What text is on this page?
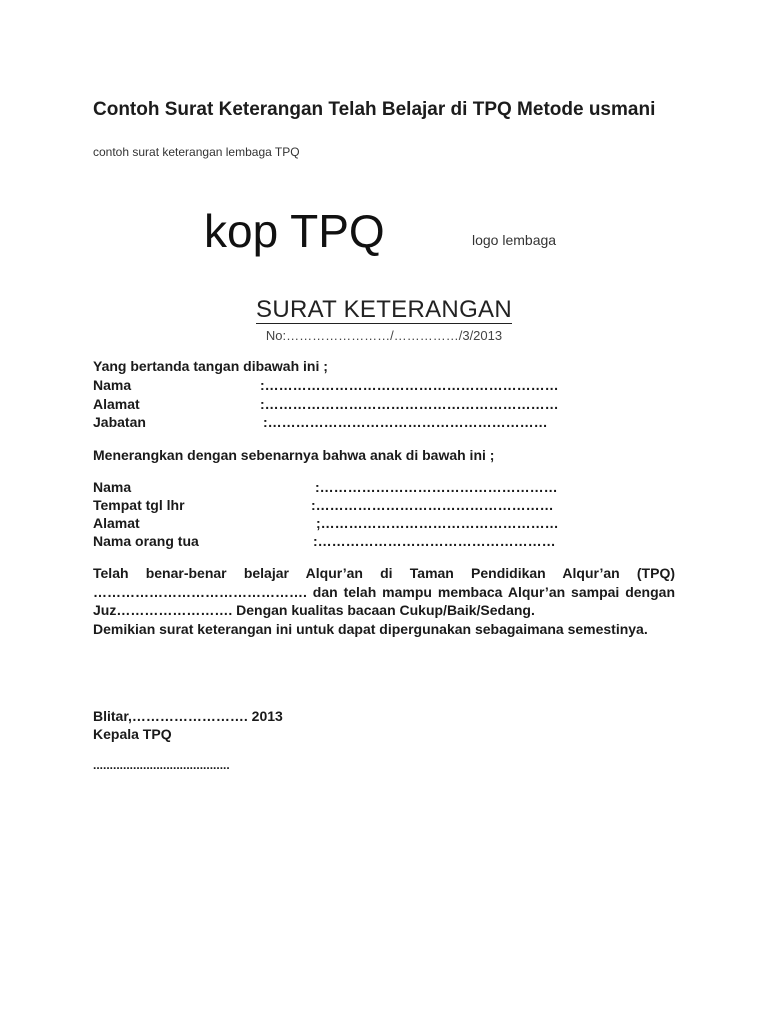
Contoh Surat Keterangan Telah Belajar di TPQ Metode usmani
contoh surat keterangan lembaga TPQ
kop TPQ	logo lembaga
SURAT KETERANGAN
No:……………………/……………/3/2013
Yang bertanda tangan dibawah ini ;
Nama	:………………………………………………………
Alamat	:………………………………………………………
Jabatan	:……………………………………………………
Menerangkan dengan sebenarnya bahwa anak di bawah ini ;
Nama	:……………………………………………
Tempat tgl lhr	:……………………………………………
Alamat	;……………………………………………
Nama orang tua	:……………………………………………

Telah benar-benar belajar Alqur’an di Taman Pendidikan Alqur’an (TPQ) ………………………………………. dan telah mampu membaca Alqur’an sampai dengan Juz……………………. Dengan kualitas bacaan Cukup/Baik/Sedang.

Demikian surat keterangan ini untuk dapat dipergunakan sebagaimana semestinya.

Blitar,……………………. 2013
Kepala TPQ
.........................................
